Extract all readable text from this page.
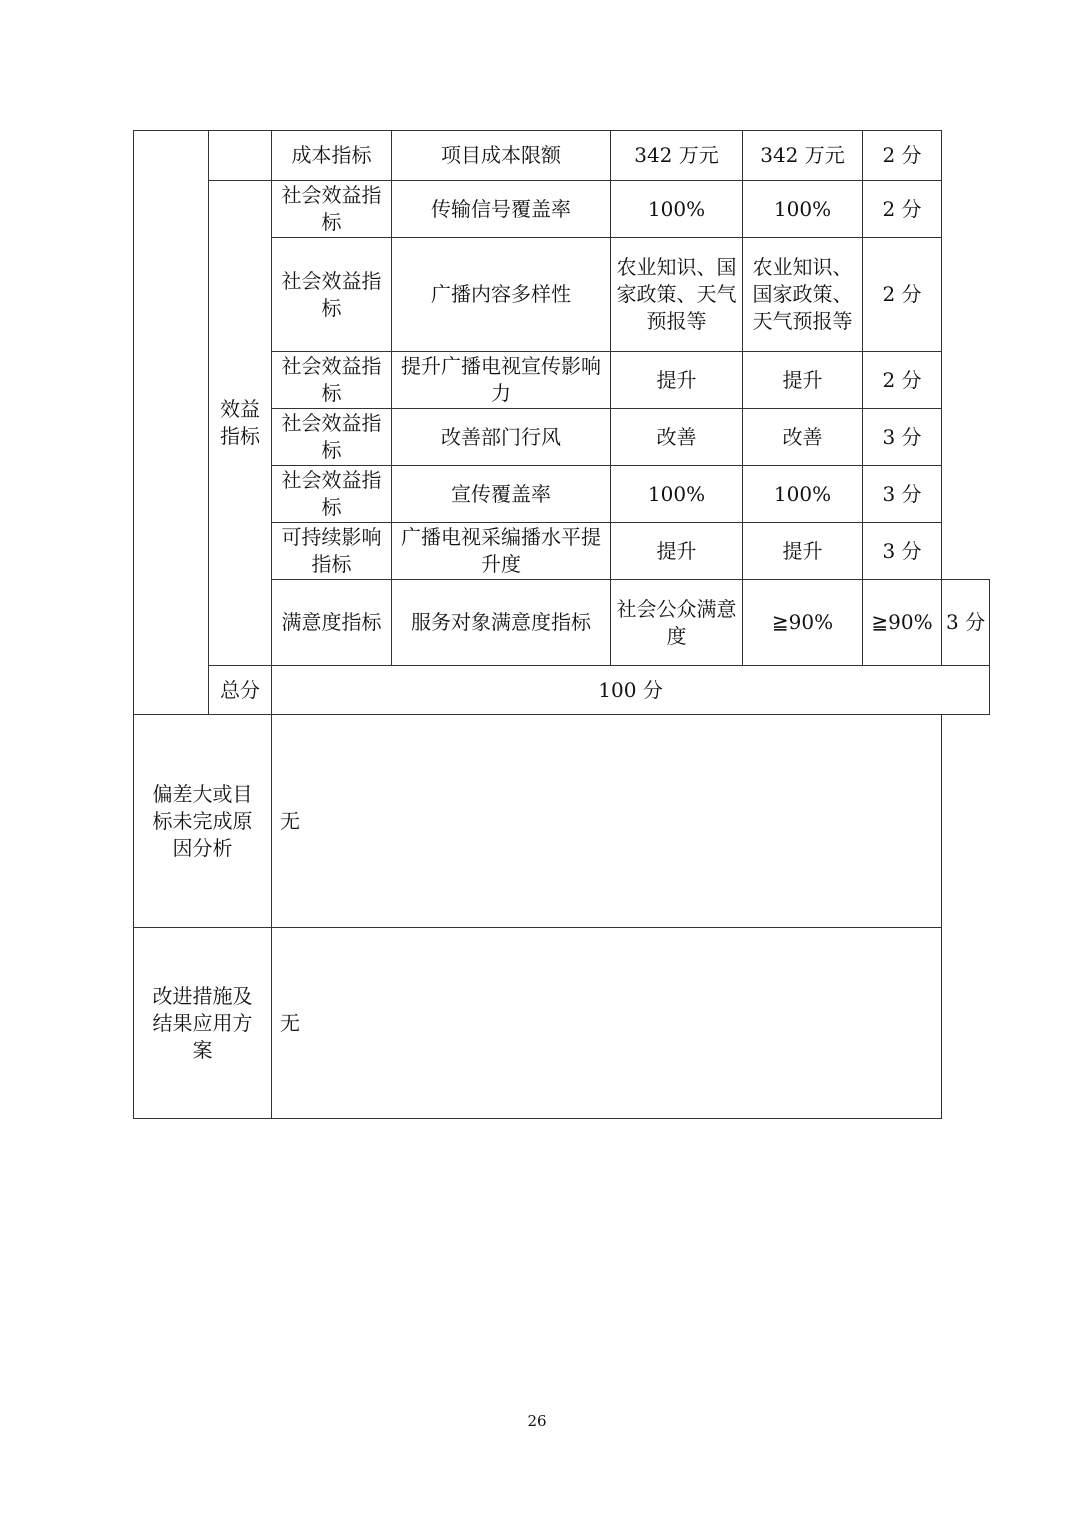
		成本指标	项目成本限额	342 万元	342 万元	2 分	
	效益指标	社会效益指标	传输信号覆盖率	100%	100%	2 分	
		社会效益指标	广播内容多样性	农业知识、国家政策、天气预报等	农业知识、国家政策、天气预报等	2 分	
		社会效益指标	提升广播电视宣传影响力	提升	提升	2 分	
		社会效益指标	改善部门行风	改善	改善	3 分	
		社会效益指标	宣传覆盖率	100%	100%	3 分	
		可持续影响指标	广播电视采编播水平提升度	提升	提升	3 分	
		满意度指标	服务对象满意度指标	社会公众满意度	≧90%	≧90%	3 分
	总分	100 分					
偏差大或目标未完成原因分析		无					
改进措施及结果应用方案		无					
26
